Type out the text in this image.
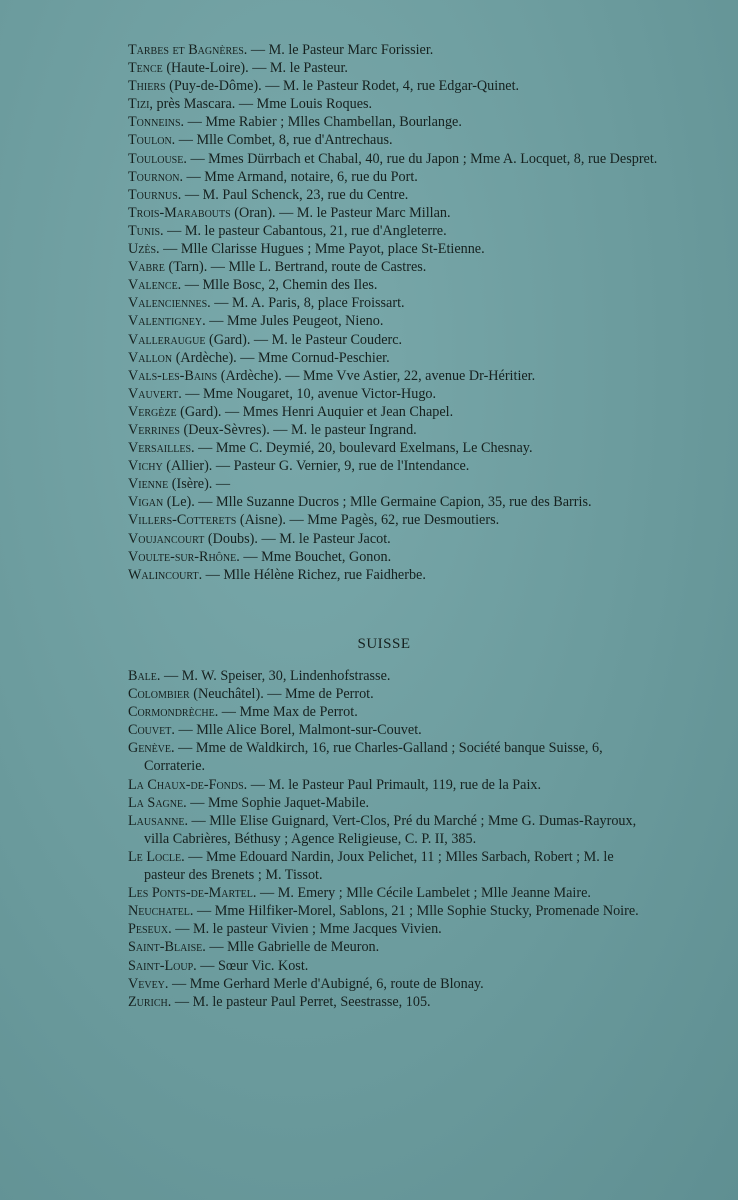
Tarbes et Bagnères. — M. le Pasteur Marc Forissier.
Tence (Haute-Loire). — M. le Pasteur.
Thiers (Puy-de-Dôme). — M. le Pasteur Rodet, 4, rue Edgar-Quinet.
Tizi, près Mascara. — Mme Louis Roques.
Tonneins. — Mme Rabier ; Mlles Chambellan, Bourlange.
Toulon. — Mlle Combet, 8, rue d'Antrechaus.
Toulouse. — Mmes Dürrbach et Chabal, 40, rue du Japon ; Mme A. Locquet, 8, rue Despret.
Tournon. — Mme Armand, notaire, 6, rue du Port.
Tournus. — M. Paul Schenck, 23, rue du Centre.
Trois-Marabouts (Oran). — M. le Pasteur Marc Millan.
Tunis. — M. le pasteur Cabantous, 21, rue d'Angleterre.
Uzès. — Mlle Clarisse Hugues ; Mme Payot, place St-Etienne.
Vabre (Tarn). — Mlle L. Bertrand, route de Castres.
Valence. — Mlle Bosc, 2, Chemin des Iles.
Valenciennes. — M. A. Paris, 8, place Froissart.
Valentigney. — Mme Jules Peugeot, Nieno.
Valleraugue (Gard). — M. le Pasteur Couderc.
Vallon (Ardèche). — Mme Cornud-Peschier.
Vals-les-Bains (Ardèche). — Mme Vve Astier, 22, avenue Dr-Héritier.
Vauvert. — Mme Nougaret, 10, avenue Victor-Hugo.
Vergèze (Gard). — Mmes Henri Auquier et Jean Chapel.
Verrines (Deux-Sèvres). — M. le pasteur Ingrand.
Versailles. — Mme C. Deymié, 20, boulevard Exelmans, Le Chesnay.
Vichy (Allier). — Pasteur G. Vernier, 9, rue de l'Intendance.
Vienne (Isère). —
Vigan (Le). — Mlle Suzanne Ducros ; Mlle Germaine Capion, 35, rue des Barris.
Villers-Cotterets (Aisne). — Mme Pagès, 62, rue Desmoutiers.
Voujancourt (Doubs). — M. le Pasteur Jacot.
Voulte-sur-Rhône. — Mme Bouchet, Gonon.
Walincourt. — Mlle Hélène Richez, rue Faidherbe.
SUISSE
Bale. — M. W. Speiser, 30, Lindenhofstrasse.
Colombier (Neuchâtel). — Mme de Perrot.
Cormondrèche. — Mme Max de Perrot.
Couvet. — Mlle Alice Borel, Malmont-sur-Couvet.
Genève. — Mme de Waldkirch, 16, rue Charles-Galland ; Société banque Suisse, 6, Corraterie.
La Chaux-de-Fonds. — M. le Pasteur Paul Primault, 119, rue de la Paix.
La Sagne. — Mme Sophie Jaquet-Mabile.
Lausanne. — Mlle Elise Guignard, Vert-Clos, Pré du Marché ; Mme G. Dumas-Rayroux, villa Cabrières, Béthusy ; Agence Religieuse, C. P. II, 385.
Le Locle. — Mme Edouard Nardin, Joux Pelichet, 11 ; Mlles Sarbach, Robert ; M. le pasteur des Brenets ; M. Tissot.
Les Ponts-de-Martel. — M. Emery ; Mlle Cécile Lambelet ; Mlle Jeanne Maire.
Neuchatel. — Mme Hilfiker-Morel, Sablons, 21 ; Mlle Sophie Stucky, Promenade Noire.
Peseux. — M. le pasteur Vivien ; Mme Jacques Vivien.
Saint-Blaise. — Mlle Gabrielle de Meuron.
Saint-Loup. — Sœur Vic. Kost.
Vevey. — Mme Gerhard Merle d'Aubigné, 6, route de Blonay.
Zurich. — M. le pasteur Paul Perret, Seestrasse, 105.
